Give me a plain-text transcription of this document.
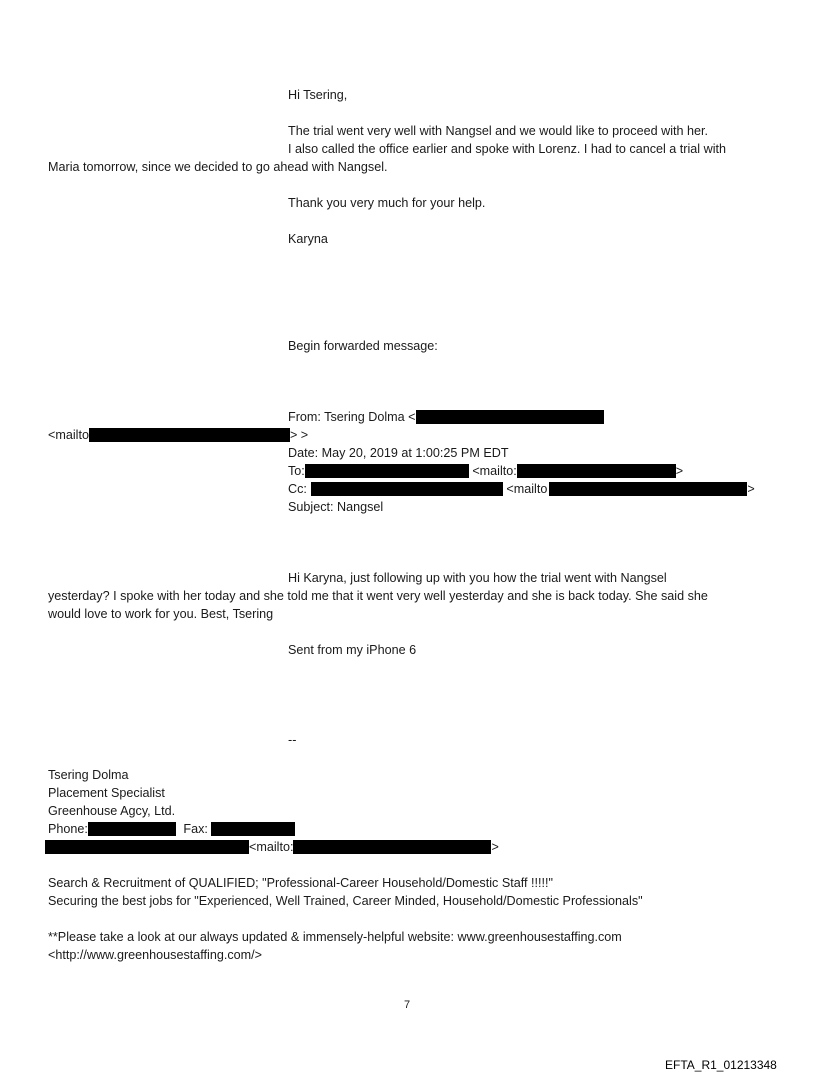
Hi Tsering,
The trial went very well with Nangsel and we would like to proceed with her.
I also called the office earlier and spoke with Lorenz. I had to cancel a trial with
Maria tomorrow, since we decided to go ahead with Nangsel.
Thank you very much for your help.
Karyna
Begin forwarded message:
From: Tsering Dolma <
<mailto	> >
Date: May 20, 2019 at 1:00:25 PM EDT
To:	<mailto:	>
Cc:	<mailto	>
Subject: Nangsel
Hi Karyna, just following up with you how the trial went with Nangsel
yesterday? I spoke with her today and she told me that it went very well yesterday and she is back today. She said she
would love to work for you. Best, Tsering
Sent from my iPhone 6
--
Tsering Dolma
Placement Specialist
Greenhouse Agcy, Ltd.
Phone:	Fax:
<mailto:	>
Search & Recruitment of QUALIFIED; "Professional-Career Household/Domestic Staff !!!!!"
Securing the best jobs for "Experienced, Well Trained, Career Minded, Household/Domestic Professionals"
**Please take a look at our always updated & immensely-helpful website: www.greenhousestaffing.com
<http://www.greenhousestaffing.com/>
7
EFTA_R1_01213348
